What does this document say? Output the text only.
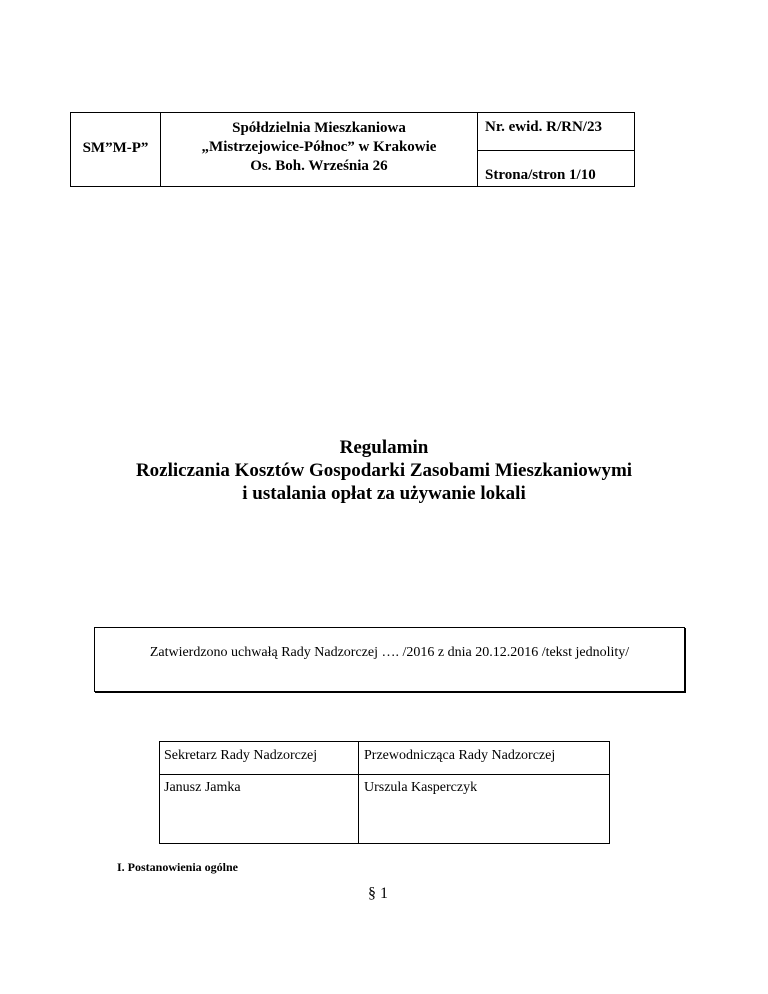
SM”M-P”
Spółdzielnia Mieszkaniowa
„Mistrzejowice-Północ” w Krakowie
Os. Boh. Września 26
Nr. ewid. R/RN/23
Strona/stron 1/10
Regulamin
Rozliczania Kosztów Gospodarki Zasobami Mieszkaniowymi
i ustalania opłat za używanie lokali
Zatwierdzono uchwałą Rady Nadzorczej …. /2016 z dnia 20.12.2016 /tekst jednolity/
Sekretarz Rady Nadzorczej	Przewodnicząca Rady Nadzorczej
Janusz Jamka	Urszula Kasperczyk
I. Postanowienia ogólne
§ 1
